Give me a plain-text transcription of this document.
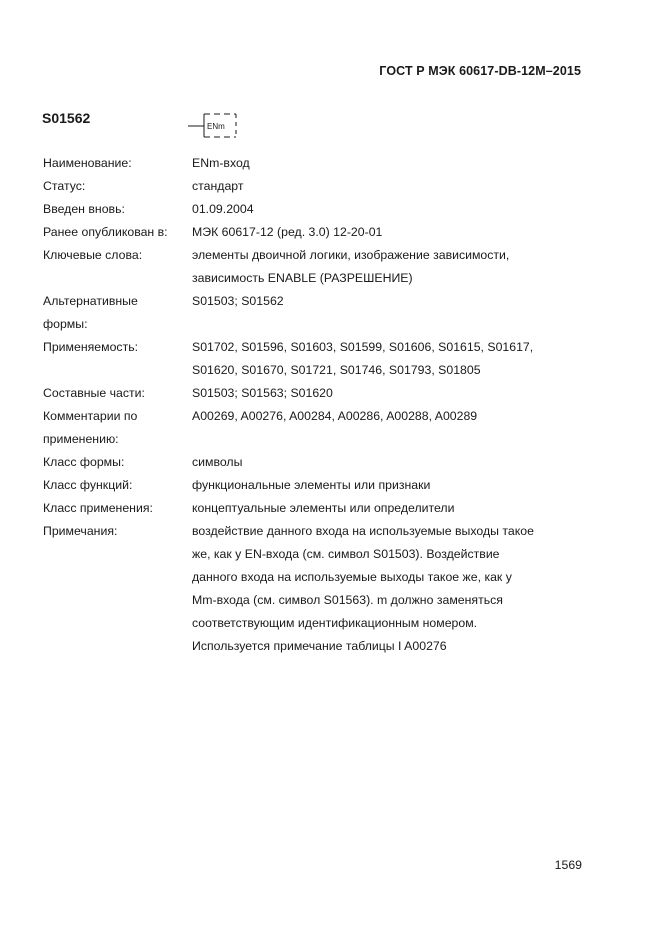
ГОСТ Р МЭК 60617-DB-12M–2015
S01562
ENm
Наименование:	ENm-вход
Статус:	стандарт
Введен вновь:	01.09.2004
Ранее опубликован в:	МЭК 60617-12 (ред. 3.0) 12-20-01
Ключевые слова:	элементы двоичной логики, изображение зависимости,
зависимость ENABLE (РАЗРЕШЕНИЕ)
Альтернативные
формы:
S01503; S01562
Применяемость:	S01702, S01596, S01603, S01599, S01606, S01615, S01617,
S01620, S01670, S01721, S01746, S01793, S01805
Составные части:	S01503; S01563; S01620
Комментарии по
применению:
A00269, A00276, A00284, A00286, A00288, A00289
Класс формы:	символы
Класс функций:	функциональные элементы или признаки
Класс применения:	концептуальные элементы или определители
Примечания:	воздействие данного входа на используемые выходы такое
же, как у EN-входа (см. символ S01503). Воздействие
данного входа на используемые выходы такое же, как у
Mm-входа (см. символ S01563). m должно заменяться
соответствующим идентификационным номером.
Используется примечание таблицы I A00276
1569
